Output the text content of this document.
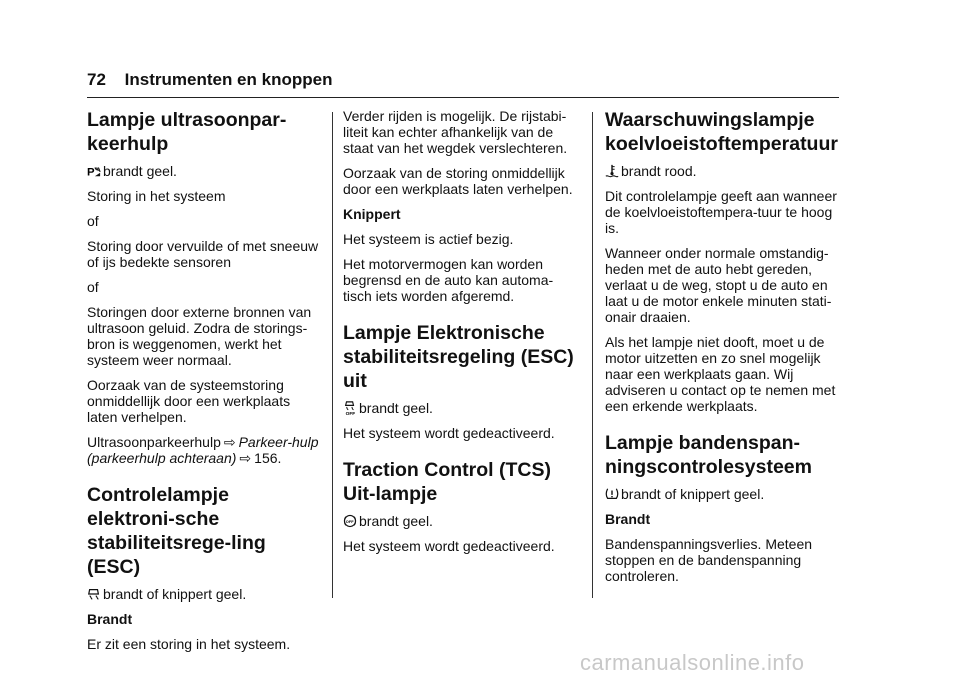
72 Instrumenten en knoppen
Lampje ultrasoonpar-keerhulp

P brandt geel.

Storing in het systeem

of

Storing door vervuilde of met sneeuw of ijs bedekte sensoren

of

Storingen door externe bronnen van ultrasoon geluid. Zodra de storings-bron is weggenomen, werkt het systeem weer normaal.

Oorzaak van de systeemstoring onmiddellijk door een werkplaats laten verhelpen.

Ultrasoonparkeerhulp ⇨ Parkeer-hulp (parkeerhulp achteraan) ⇨ 156.

Controlelampje elektroni-sche stabiliteitsrege-ling (ESC)

brandt of knippert geel.

Brandt

Er zit een storing in het systeem.

Verder rijden is mogelijk. De rijstabi-liteit kan echter afhankelijk van de staat van het wegdek verslechteren.

Oorzaak van de storing onmiddellijk door een werkplaats laten verhelpen.

Knippert

Het systeem is actief bezig.

Het motorvermogen kan worden begrensd en de auto kan automa-tisch iets worden afgeremd.

Lampje Elektronische stabiliteitsregeling (ESC) uit

OFF brandt geel.

Het systeem wordt gedeactiveerd.

Traction Control (TCS) Uit-lampje

OFF brandt geel.

Het systeem wordt gedeactiveerd.

Waarschuwingslampje koelvloeistoftemperatuur

brandt rood.

Dit controlelampje geeft aan wanneer de koelvloeistoftempera-tuur te hoog is.

Wanneer onder normale omstandig-heden met de auto hebt gereden, verlaat u de weg, stopt u de auto en laat u de motor enkele minuten stati-onair draaien.

Als het lampje niet dooft, moet u de motor uitzetten en zo snel mogelijk naar een werkplaats gaan. Wij adviseren u contact op te nemen met een erkende werkplaats.

Lampje bandenspan-ningscontrolesysteem

brandt of knippert geel.

Brandt

Bandenspanningsverlies. Meteen stoppen en de bandenspanning controleren.

carmanualsonline.info
